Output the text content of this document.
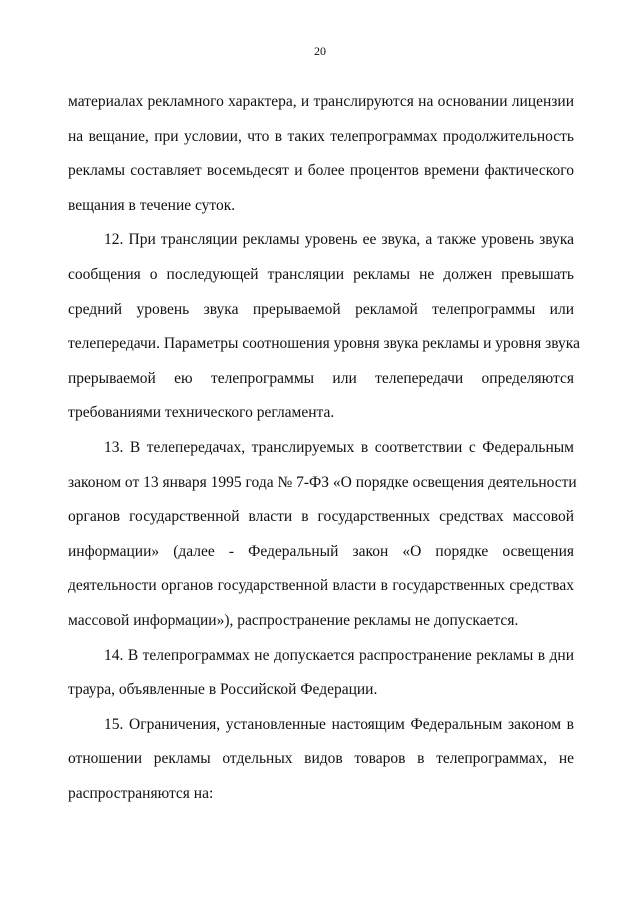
20
материалах рекламного характера, и транслируются на основании лицензии
на вещание, при условии, что в таких телепрограммах продолжительность
рекламы составляет восемьдесят и более процентов времени фактического
вещания в течение суток.
12. При трансляции рекламы уровень ее звука, а также уровень звука
сообщения о последующей трансляции рекламы не должен превышать
средний уровень звука прерываемой рекламой телепрограммы или
телепередачи. Параметры соотношения уровня звука рекламы и уровня звука
прерываемой ею телепрограммы или телепередачи определяются
требованиями технического регламента.
13. В телепередачах, транслируемых в соответствии с Федеральным
законом от 13 января 1995 года № 7-ФЗ «О порядке освещения деятельности
органов государственной власти в государственных средствах массовой
информации» (далее - Федеральный закон «О порядке освещения
деятельности органов государственной власти в государственных средствах
массовой информации»), распространение рекламы не допускается.
14. В телепрограммах не допускается распространение рекламы в дни
траура, объявленные в Российской Федерации.
15. Ограничения, установленные настоящим Федеральным законом в
отношении рекламы отдельных видов товаров в телепрограммах, не
распространяются на:
